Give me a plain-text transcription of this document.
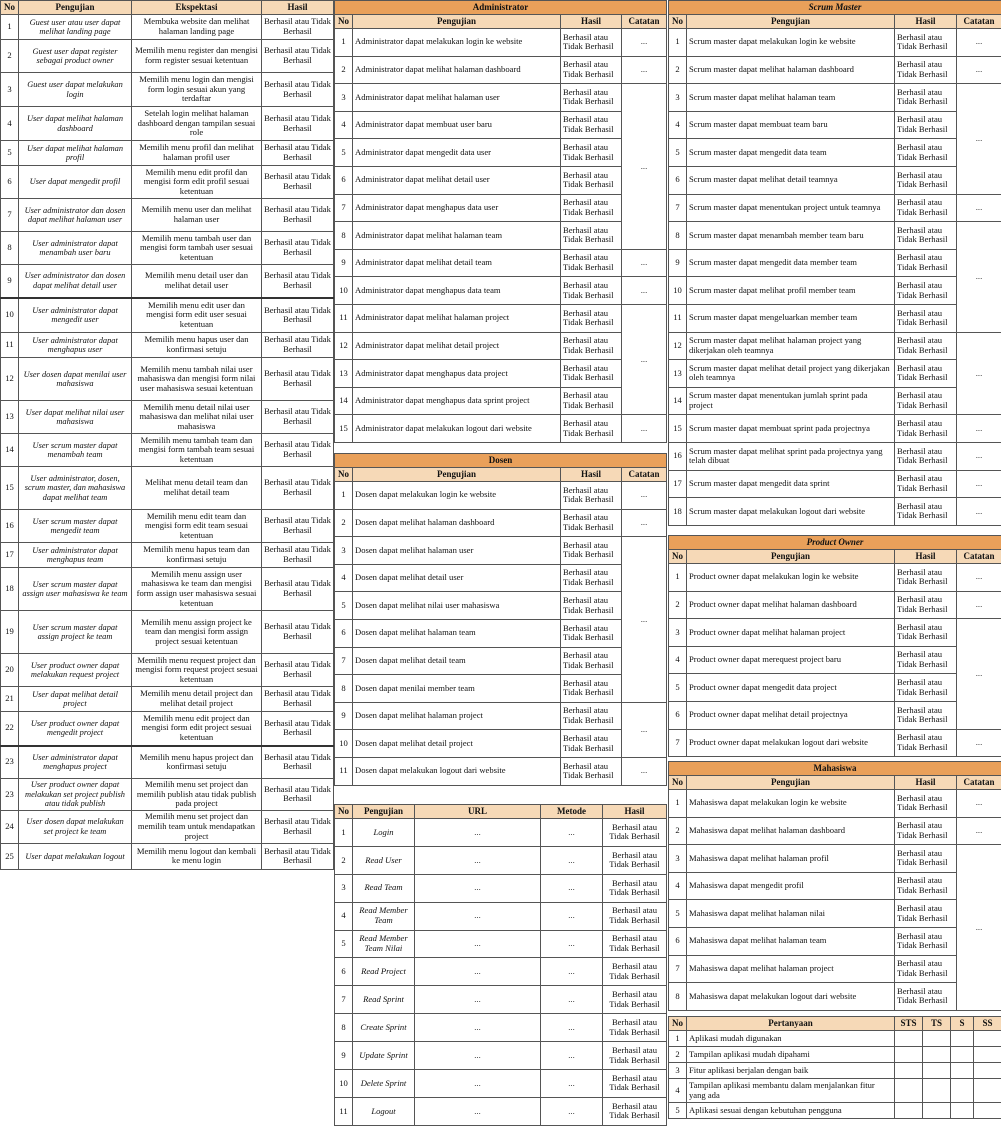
No	Pengujian	Ekspektasi	Hasil
1	Guest user atau user dapat melihat landing page	Membuka website dan melihat halaman landing page	Berhasil atau Tidak Berhasil
2	Guest user dapat register sebagai product owner	Memilih menu register dan mengisi form register sesuai ketentuan	Berhasil atau Tidak Berhasil
3	Guest user dapat melakukan login	Memilih menu login dan mengisi form login sesuai akun yang terdaftar	Berhasil atau Tidak Berhasil
4	User dapat melihat halaman dashboard	Setelah login melihat halaman dashboard dengan tampilan sesuai role	Berhasil atau Tidak Berhasil
5	User dapat melihat halaman profil	Memilih menu profil dan melihat halaman profil user	Berhasil atau Tidak Berhasil
6	User dapat mengedit profil	Memilih menu edit profil dan mengisi form edit profil sesuai ketentuan	Berhasil atau Tidak Berhasil
7	User administrator dan dosen dapat melihat halaman user	Memilih menu user dan melihat halaman user	Berhasil atau Tidak Berhasil
8	User administrator dapat menambah user baru	Memilih menu tambah user dan mengisi form tambah user sesuai ketentuan	Berhasil atau Tidak Berhasil
9	User administrator dan dosen dapat melihat detail user	Memilih menu detail user dan melihat detail user	Berhasil atau Tidak Berhasil
10	User administrator dapat mengedit user	Memilih menu edit user dan mengisi form edit user sesuai ketentuan	Berhasil atau Tidak Berhasil
11	User administrator dapat menghapus user	Memilih menu hapus user dan konfirmasi setuju	Berhasil atau Tidak Berhasil
12	User dosen dapat menilai user mahasiswa	Memilih menu tambah nilai user mahasiswa dan mengisi form nilai user mahasiswa sesuai ketentuan	Berhasil atau Tidak Berhasil
13	User dapat melihat nilai user mahasiswa	Memilih menu detail nilai user mahasiswa dan melihat nilai user mahasiswa	Berhasil atau Tidak Berhasil
14	User scrum master dapat menambah team	Memilih menu tambah team dan mengisi form tambah team sesuai ketentuan	Berhasil atau Tidak Berhasil
15	User administrator, dosen, scrum master, dan mahasiswa dapat melihat team	Melihat menu detail team dan melihat detail team	Berhasil atau Tidak Berhasil
16	User scrum master dapat mengedit team	Memilih menu edit team dan mengisi form edit team sesuai ketentuan	Berhasil atau Tidak Berhasil
17	User administrator dapat menghapus team	Memilih menu hapus team dan konfirmasi setuju	Berhasil atau Tidak Berhasil
18	User scrum master dapat assign user mahasiswa ke team	Memilih menu assign user mahasiswa ke team dan mengisi form assign user mahasiswa sesuai ketentuan	Berhasil atau Tidak Berhasil
19	User scrum master dapat assign project ke team	Memilih menu assign project ke team dan mengisi form assign project sesuai ketentuan	Berhasil atau Tidak Berhasil
20	User product owner dapat melakukan request project	Memilih menu request project dan mengisi form request project sesuai ketentuan	Berhasil atau Tidak Berhasil
21	User dapat melihat detail project	Memilih menu detail project dan melihat detail project	Berhasil atau Tidak Berhasil
22	User product owner dapat mengedit project	Memilih menu edit project dan mengisi form edit project sesuai ketentuan	Berhasil atau Tidak Berhasil
23	User administrator dapat menghapus project	Memilih menu hapus project dan konfirmasi setuju	Berhasil atau Tidak Berhasil
23	User product owner dapat melakukan set project publish atau tidak publish	Memilih menu set project dan memilih publish atau tidak publish pada project	Berhasil atau Tidak Berhasil
24	User dosen dapat melakukan set project ke team	Memilih menu set project dan memilih team untuk mendapatkan project	Berhasil atau Tidak Berhasil
25	User dapat melakukan logout	Memilih menu logout dan kembali ke menu login	Berhasil atau Tidak Berhasil
Administrator			
No	Pengujian	Hasil	Catatan
1	Administrator dapat melakukan login ke website	Berhasil atau Tidak Berhasil	...
2	Administrator dapat melihat halaman dashboard	Berhasil atau Tidak Berhasil	...
3	Administrator dapat melihat halaman user	Berhasil atau Tidak Berhasil	...
4	Administrator dapat membuat user baru	Berhasil atau Tidak Berhasil	
5	Administrator dapat mengedit data user	Berhasil atau Tidak Berhasil	
6	Administrator dapat melihat detail user	Berhasil atau Tidak Berhasil	
7	Administrator dapat menghapus data user	Berhasil atau Tidak Berhasil	
8	Administrator dapat melihat halaman team	Berhasil atau Tidak Berhasil	
9	Administrator dapat melihat detail team	Berhasil atau Tidak Berhasil	...
10	Administrator dapat menghapus data team	Berhasil atau Tidak Berhasil	...
11	Administrator dapat melihat halaman project	Berhasil atau Tidak Berhasil	...
12	Administrator dapat melihat detail project	Berhasil atau Tidak Berhasil	
13	Administrator dapat menghapus data project	Berhasil atau Tidak Berhasil	
14	Administrator dapat menghapus data sprint project	Berhasil atau Tidak Berhasil	
15	Administrator dapat melakukan logout dari website	Berhasil atau Tidak Berhasil	...
Dosen			
No	Pengujian	Hasil	Catatan
1	Dosen dapat melakukan login ke website	Berhasil atau Tidak Berhasil	...
2	Dosen dapat melihat halaman dashboard	Berhasil atau Tidak Berhasil	...
3	Dosen dapat melihat halaman user	Berhasil atau Tidak Berhasil	...
4	Dosen dapat melihat detail user	Berhasil atau Tidak Berhasil	
5	Dosen dapat melihat nilai user mahasiswa	Berhasil atau Tidak Berhasil	
6	Dosen dapat melihat halaman team	Berhasil atau Tidak Berhasil	
7	Dosen dapat melihat detail team	Berhasil atau Tidak Berhasil	
8	Dosen dapat menilai member team	Berhasil atau Tidak Berhasil	
9	Dosen dapat melihat halaman project	Berhasil atau Tidak Berhasil	...
10	Dosen dapat melihat detail project	Berhasil atau Tidak Berhasil	
11	Dosen dapat melakukan logout dari website	Berhasil atau Tidak Berhasil	...
No	Pengujian	URL	Metode	Hasil
1	Login	...	...	Berhasil atau Tidak Berhasil
2	Read User	...	...	Berhasil atau Tidak Berhasil
3	Read Team	...	...	Berhasil atau Tidak Berhasil
4	Read Member Team	...	...	Berhasil atau Tidak Berhasil
5	Read Member Team Nilai	...	...	Berhasil atau Tidak Berhasil
6	Read Project	...	...	Berhasil atau Tidak Berhasil
7	Read Sprint	...	...	Berhasil atau Tidak Berhasil
8	Create Sprint	...	...	Berhasil atau Tidak Berhasil
9	Update Sprint	...	...	Berhasil atau Tidak Berhasil
10	Delete Sprint	...	...	Berhasil atau Tidak Berhasil
11	Logout	...	...	Berhasil atau Tidak Berhasil
Scrum Master			
No	Pengujian	Hasil	Catatan
1	Scrum master dapat melakukan login ke website	Berhasil atau Tidak Berhasil	...
2	Scrum master dapat melihat halaman dashboard	Berhasil atau Tidak Berhasil	...
3	Scrum master dapat melihat halaman team	Berhasil atau Tidak Berhasil	...
4	Scrum master dapat membuat team baru	Berhasil atau Tidak Berhasil	
5	Scrum master dapat mengedit data team	Berhasil atau Tidak Berhasil	
6	Scrum master dapat melihat detail teamnya	Berhasil atau Tidak Berhasil	
7	Scrum master dapat menentukan project untuk teamnya	Berhasil atau Tidak Berhasil	...
8	Scrum master dapat menambah member team baru	Berhasil atau Tidak Berhasil	...
9	Scrum master dapat mengedit data member team	Berhasil atau Tidak Berhasil	
10	Scrum master dapat melihat profil member team	Berhasil atau Tidak Berhasil	
11	Scrum master dapat mengeluarkan member team	Berhasil atau Tidak Berhasil	
12	Scrum master dapat melihat halaman project yang dikerjakan oleh teamnya	Berhasil atau Tidak Berhasil	...
13	Scrum master dapat melihat detail project yang dikerjakan oleh teamnya	Berhasil atau Tidak Berhasil	
14	Scrum master dapat menentukan jumlah sprint pada project	Berhasil atau Tidak Berhasil	
15	Scrum master dapat membuat sprint pada projectnya	Berhasil atau Tidak Berhasil	...
16	Scrum master dapat melihat sprint pada projectnya yang telah dibuat	Berhasil atau Tidak Berhasil	...
17	Scrum master dapat mengedit data sprint	Berhasil atau Tidak Berhasil	...
18	Scrum master dapat melakukan logout dari website	Berhasil atau Tidak Berhasil	...
Product Owner			
No	Pengujian	Hasil	Catatan
1	Product owner dapat melakukan login ke website	Berhasil atau Tidak Berhasil	...
2	Product owner dapat melihat halaman dashboard	Berhasil atau Tidak Berhasil	...
3	Product owner dapat melihat halaman project	Berhasil atau Tidak Berhasil	...
4	Product owner dapat merequest project baru	Berhasil atau Tidak Berhasil	
5	Product owner dapat mengedit data project	Berhasil atau Tidak Berhasil	
6	Product owner dapat melihat detail projectnya	Berhasil atau Tidak Berhasil	
7	Product owner dapat melakukan logout dari website	Berhasil atau Tidak Berhasil	...
Mahasiswa			
No	Pengujian	Hasil	Catatan
1	Mahasiswa dapat melakukan login ke website	Berhasil atau Tidak Berhasil	...
2	Mahasiswa dapat melihat halaman dashboard	Berhasil atau Tidak Berhasil	...
3	Mahasiswa dapat melihat halaman profil	Berhasil atau Tidak Berhasil	...
4	Mahasiswa dapat mengedit profil	Berhasil atau Tidak Berhasil	
5	Mahasiswa dapat melihat halaman nilai	Berhasil atau Tidak Berhasil	
6	Mahasiswa dapat melihat halaman team	Berhasil atau Tidak Berhasil	
7	Mahasiswa dapat melihat halaman project	Berhasil atau Tidak Berhasil	
8	Mahasiswa dapat melakukan logout dari website	Berhasil atau Tidak Berhasil	
No	Pertanyaan	STS	TS	S	SS
1	Aplikasi mudah digunakan				
2	Tampilan aplikasi mudah dipahami				
3	Fitur aplikasi berjalan dengan baik				
4	Tampilan aplikasi membantu dalam menjalankan fitur yang ada				
5	Aplikasi sesuai dengan kebutuhan pengguna				
